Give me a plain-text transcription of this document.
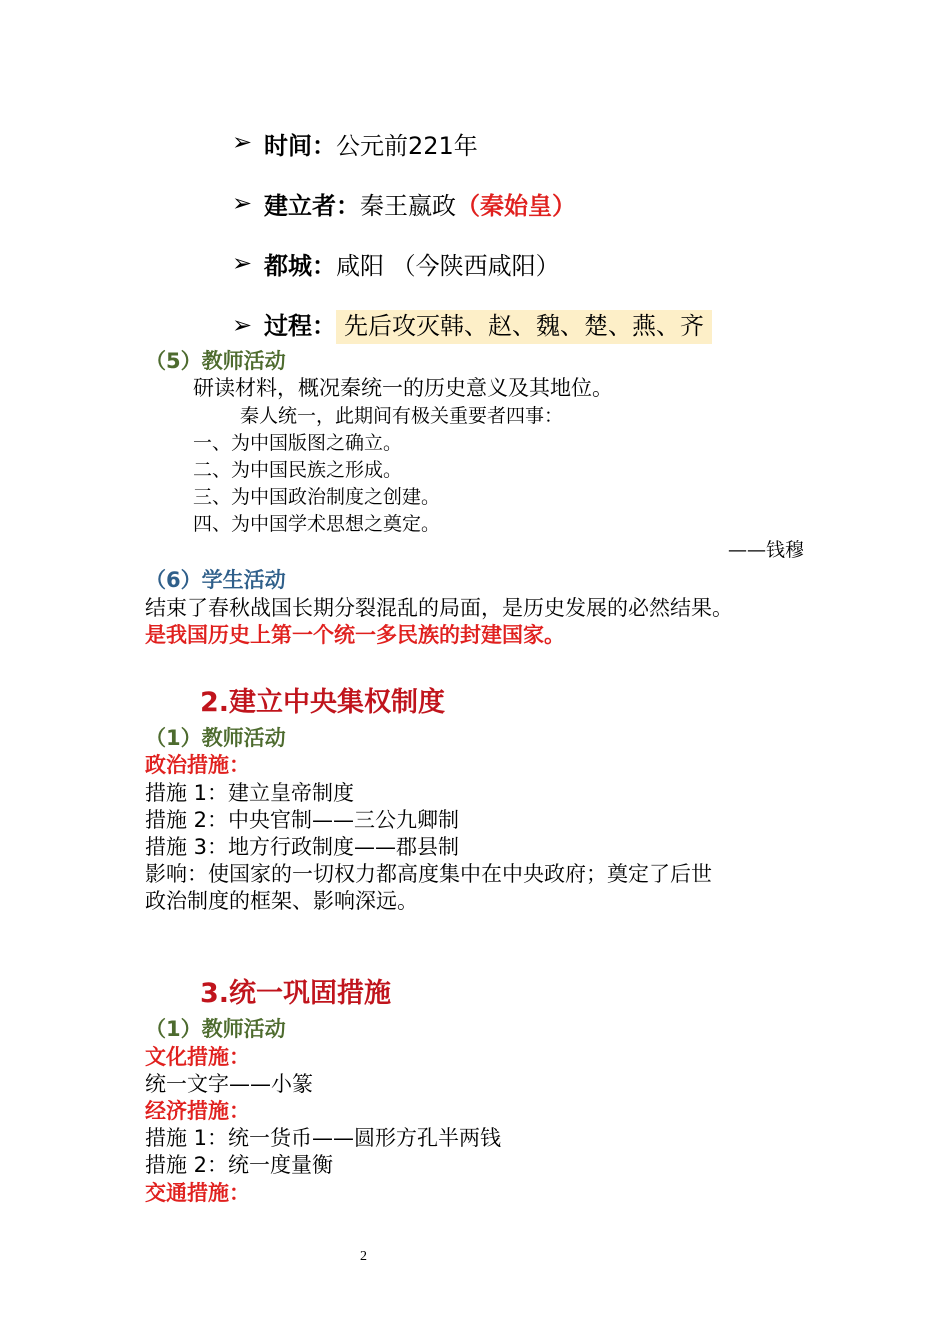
➢ 时间：公元前221年
➢ 建立者：秦王嬴政（秦始皇）
➢ 都城：咸阳 （今陕西咸阳）
➢ 过程： 先后攻灭韩、赵、魏、楚、燕、齐
（5）教师活动
研读材料，概况秦统一的历史意义及其地位。
秦人统一，此期间有极关重要者四事：
一、为中国版图之确立。
二、为中国民族之形成。
三、为中国政治制度之创建。
四、为中国学术思想之奠定。
——钱穆
（6）学生活动
结束了春秋战国长期分裂混乱的局面，是历史发展的必然结果。
是我国历史上第一个统一多民族的封建国家。
2.建立中央集权制度
（1）教师活动
政治措施：
措施 1：建立皇帝制度
措施 2：中央官制——三公九卿制
措施 3：地方行政制度——郡县制
影响：使国家的一切权力都高度集中在中央政府；奠定了后世
政治制度的框架、影响深远。
3.统一巩固措施
（1）教师活动
文化措施：
统一文字——小篆
经济措施：
措施 1：统一货币——圆形方孔半两钱
措施 2：统一度量衡
交通措施：
2
